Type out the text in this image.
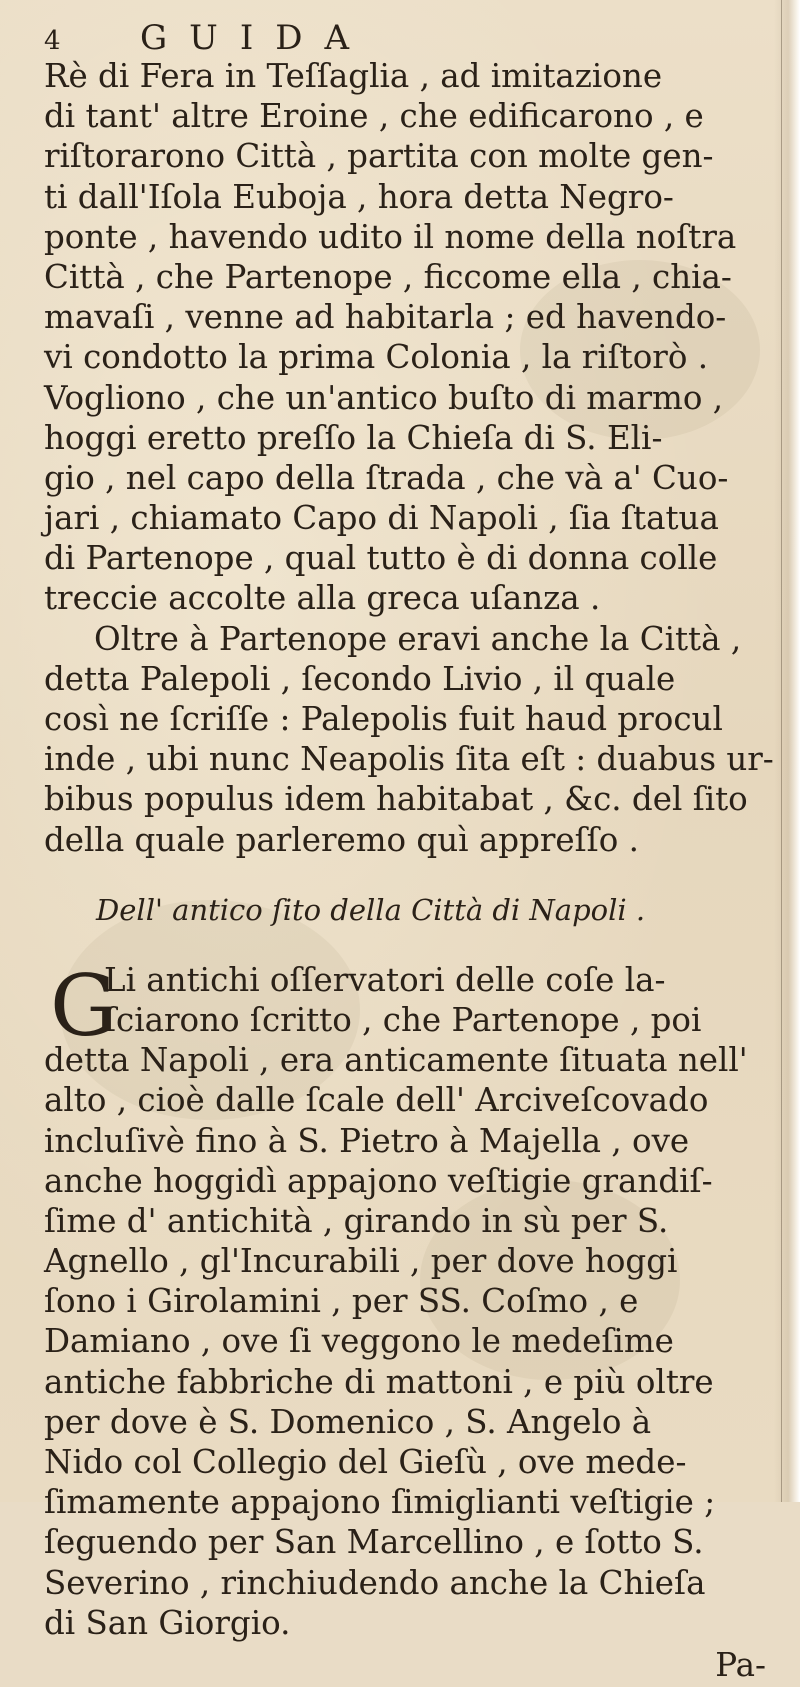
4	GUIDA
Rè di Fera in Teſſaglia , ad imitazione
di tant' altre Eroine , che edificarono , e
riſtorarono Città , partita con molte gen-
ti dall'Iſola Euboja , hora detta Negro-
ponte , havendo udito il nome della noſtra
Città , che Partenope , ficcome ella , chia-
mavaſi , venne ad habitarla ; ed havendo-
vi condotto la prima Colonia , la riſtorò .
Vogliono , che un'antico buſto di marmo ,
hoggi eretto preſſo la Chieſa di S. Eli-
gio , nel capo della ſtrada , che và a' Cuo-
jari , chiamato Capo di Napoli , ſia ſtatua
di Partenope , qual tutto è di donna colle
treccie accolte alla greca uſanza .
Oltre à Partenope eravi anche la Città ,
detta Palepoli , ſecondo Livio , il quale
così ne ſcriſſe : Palepolis fuit haud procul
inde , ubi nunc Neapolis ſita eſt : duabus ur-
bibus populus idem habitabat , &c. del ſito
della quale parleremo quì appreſſo .
Dell' antico ſito della Città di Napoli .
G
Li antichi oſſervatori delle coſe la-
ſciarono ſcritto , che Partenope , poi
detta Napoli , era anticamente ſituata nell'
alto , cioè dalle ſcale dell' Arciveſcovado
incluſivè fino à S. Pietro à Majella , ove
anche hoggidì appajono veſtigie grandiſ-
ſime d' antichità , girando in sù per S.
Agnello , gl'Incurabili , per dove hoggi
ſono i Girolamini , per SS. Coſmo , e
Damiano , ove ſi veggono le medeſime
antiche fabbriche di mattoni , e più oltre
per dove è S. Domenico , S. Angelo à
Nido col Collegio del Gieſù , ove mede-
ſimamente appajono ſimiglianti veſtigie ;
ſeguendo per San Marcellino , e ſotto S.
Severino , rinchiudendo anche la Chieſa
di San Giorgio.
Pa-
